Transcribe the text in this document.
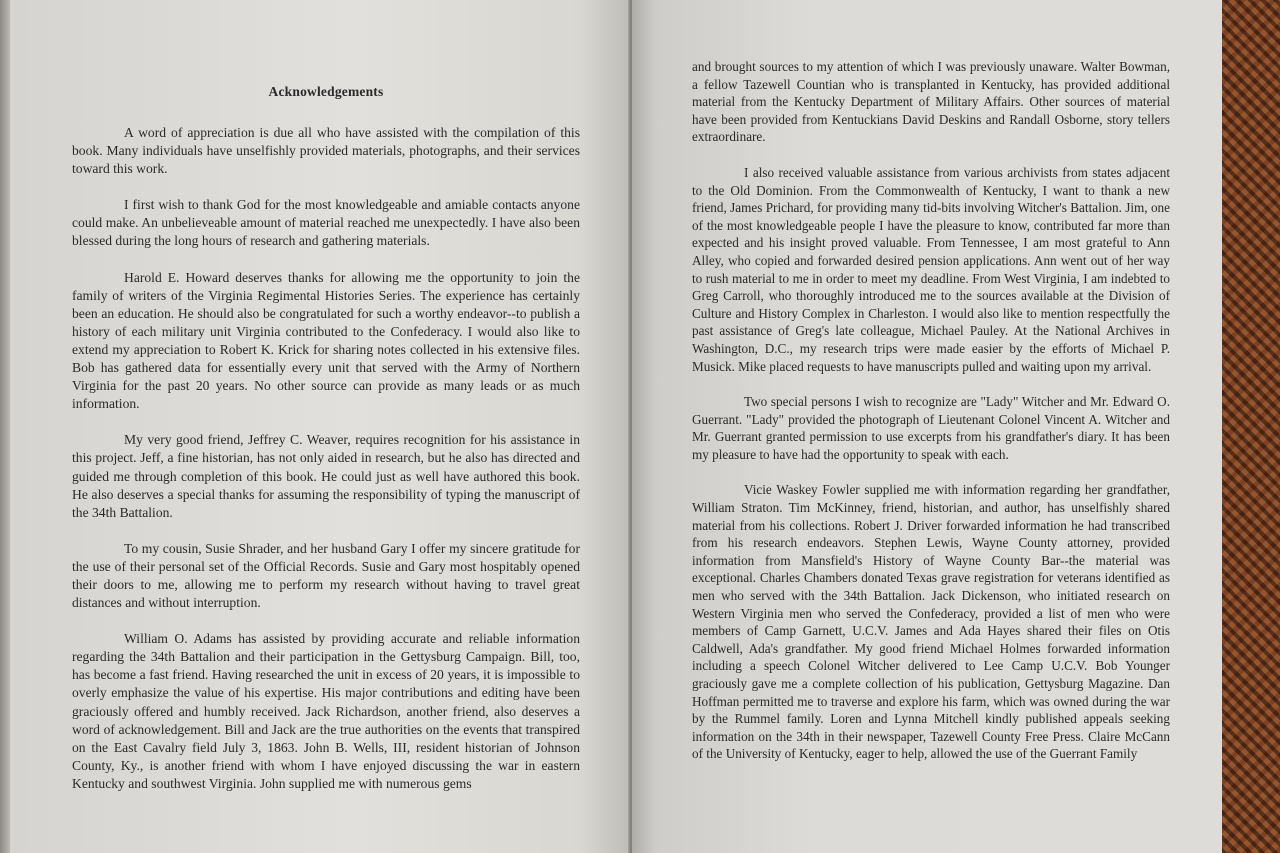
Acknowledgements

A word of appreciation is due all who have assisted with the compilation of this book. Many individuals have unselfishly provided materials, photographs, and their services toward this work.

I first wish to thank God for the most knowledgeable and amiable contacts anyone could make. An unbelieveable amount of material reached me unexpectedly. I have also been blessed during the long hours of research and gathering materials.

Harold E. Howard deserves thanks for allowing me the opportunity to join the family of writers of the Virginia Regimental Histories Series. The experience has certainly been an education. He should also be congratulated for such a worthy endeavor--to publish a history of each military unit Virginia contributed to the Confederacy. I would also like to extend my appreciation to Robert K. Krick for sharing notes collected in his extensive files. Bob has gathered data for essentially every unit that served with the Army of Northern Virginia for the past 20 years. No other source can provide as many leads or as much information.

My very good friend, Jeffrey C. Weaver, requires recognition for his assistance in this project. Jeff, a fine historian, has not only aided in research, but he also has directed and guided me through completion of this book. He could just as well have authored this book. He also deserves a special thanks for assuming the responsibility of typing the manuscript of the 34th Battalion.

To my cousin, Susie Shrader, and her husband Gary I offer my sincere gratitude for the use of their personal set of the Official Records. Susie and Gary most hospitably opened their doors to me, allowing me to perform my research without having to travel great distances and without interruption.

William O. Adams has assisted by providing accurate and reliable information regarding the 34th Battalion and their participation in the Gettysburg Campaign. Bill, too, has become a fast friend. Having researched the unit in excess of 20 years, it is impossible to overly emphasize the value of his expertise. His major contributions and editing have been graciously offered and humbly received. Jack Richardson, another friend, also deserves a word of acknowledgement. Bill and Jack are the true authorities on the events that transpired on the East Cavalry field July 3, 1863. John B. Wells, III, resident historian of Johnson County, Ky., is another friend with whom I have enjoyed discussing the war in eastern Kentucky and southwest Virginia. John supplied me with numerous gems

and brought sources to my attention of which I was previously unaware. Walter Bowman, a fellow Tazewell Countian who is transplanted in Kentucky, has provided additional material from the Kentucky Department of Military Affairs. Other sources of material have been provided from Kentuckians David Deskins and Randall Osborne, story tellers extraordinare.

I also received valuable assistance from various archivists from states adjacent to the Old Dominion. From the Commonwealth of Kentucky, I want to thank a new friend, James Prichard, for providing many tid-bits involving Witcher's Battalion. Jim, one of the most knowledgeable people I have the pleasure to know, contributed far more than expected and his insight proved valuable. From Tennessee, I am most grateful to Ann Alley, who copied and forwarded desired pension applications. Ann went out of her way to rush material to me in order to meet my deadline. From West Virginia, I am indebted to Greg Carroll, who thoroughly introduced me to the sources available at the Division of Culture and History Complex in Charleston. I would also like to mention respectfully the past assistance of Greg's late colleague, Michael Pauley. At the National Archives in Washington, D.C., my research trips were made easier by the efforts of Michael P. Musick. Mike placed requests to have manuscripts pulled and waiting upon my arrival.

Two special persons I wish to recognize are "Lady" Witcher and Mr. Edward O. Guerrant. "Lady" provided the photograph of Lieutenant Colonel Vincent A. Witcher and Mr. Guerrant granted permission to use excerpts from his grandfather's diary. It has been my pleasure to have had the opportunity to speak with each.

Vicie Waskey Fowler supplied me with information regarding her grandfather, William Straton. Tim McKinney, friend, historian, and author, has unselfishly shared material from his collections. Robert J. Driver forwarded information he had transcribed from his research endeavors. Stephen Lewis, Wayne County attorney, provided information from Mansfield's History of Wayne County Bar--the material was exceptional. Charles Chambers donated Texas grave registration for veterans identified as men who served with the 34th Battalion. Jack Dickenson, who initiated research on Western Virginia men who served the Confederacy, provided a list of men who were members of Camp Garnett, U.C.V. James and Ada Hayes shared their files on Otis Caldwell, Ada's grandfather. My good friend Michael Holmes forwarded information including a speech Colonel Witcher delivered to Lee Camp U.C.V. Bob Younger graciously gave me a complete collection of his publication, Gettysburg Magazine. Dan Hoffman permitted me to traverse and explore his farm, which was owned during the war by the Rummel family. Loren and Lynna Mitchell kindly published appeals seeking information on the 34th in their newspaper, Tazewell County Free Press. Claire McCann of the University of Kentucky, eager to help, allowed the use of the Guerrant Family
